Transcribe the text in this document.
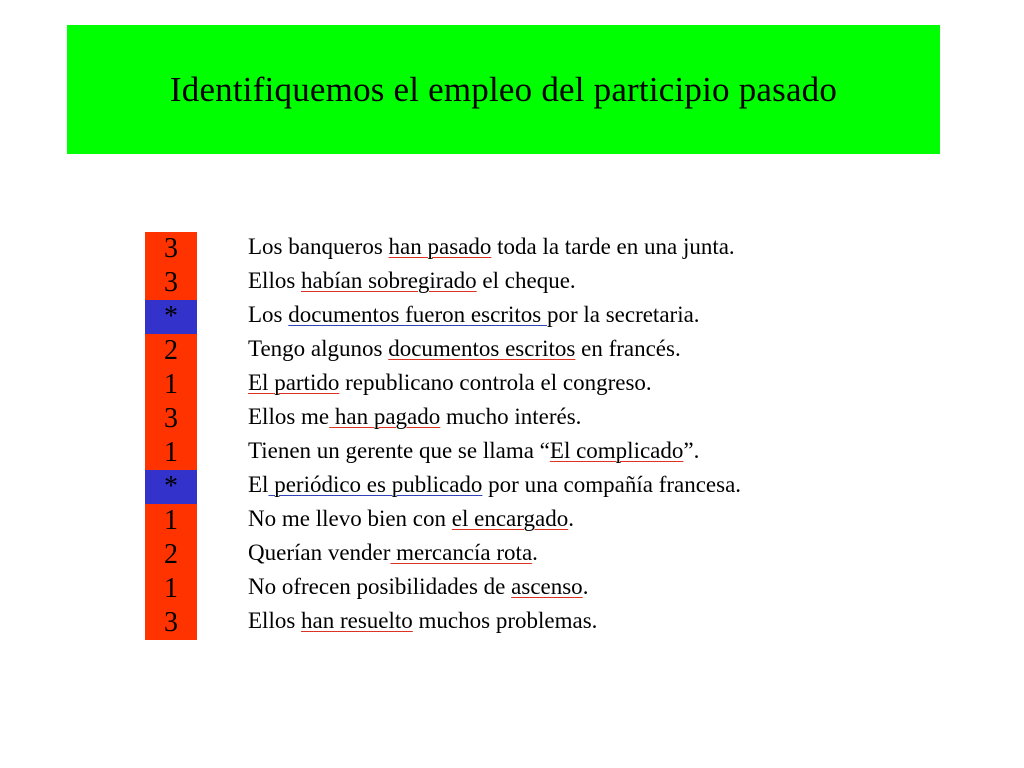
Identifiquemos el empleo del participio pasado
3
3
*
2
1
3
1
*
1
2
1
3
Los banqueros han pasado toda la tarde en una junta.
Ellos habían sobregirado el cheque.
Los documentos fueron escritos por la secretaria.
Tengo algunos documentos escritos en francés.
El partido republicano controla el congreso.
Ellos me han pagado mucho interés.
Tienen un gerente que se llama “El complicado”.
El periódico es publicado por una compañía francesa.
No me llevo bien con el encargado.
Querían vender mercancía rota.
No ofrecen posibilidades de ascenso.
Ellos han resuelto muchos problemas.
